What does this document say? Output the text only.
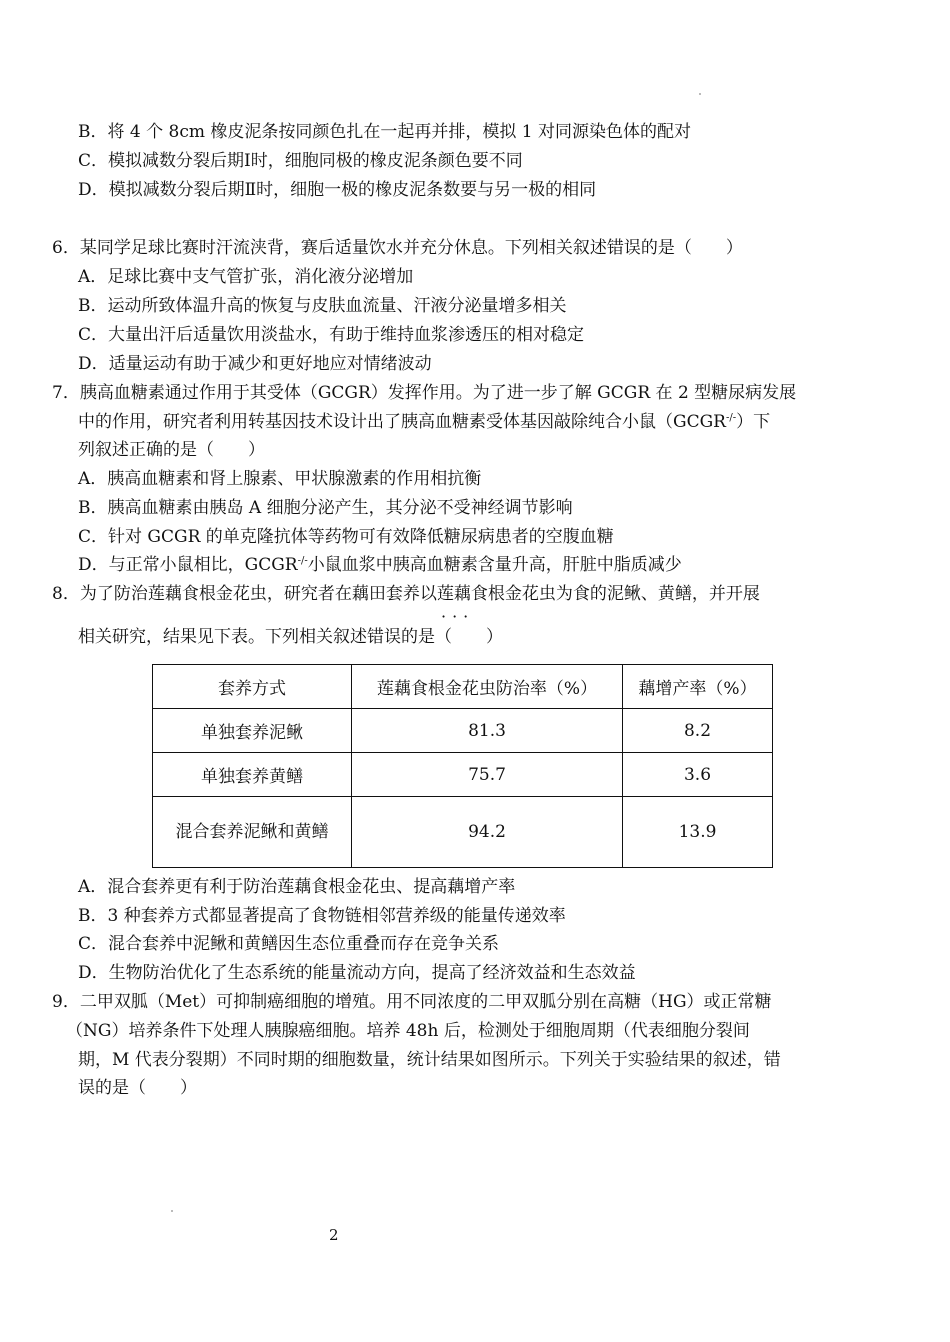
B．将 4 个 8cm 橡皮泥条按同颜色扎在一起再并排，模拟 1 对同源染色体的配对
C．模拟减数分裂后期Ⅰ时，细胞同极的橡皮泥条颜色要不同
D．模拟减数分裂后期Ⅱ时，细胞一极的橡皮泥条数要与另一极的相同
6．某同学足球比赛时汗流浃背，赛后适量饮水并充分休息。下列相关叙述错误的是（　　）
A．足球比赛中支气管扩张，消化液分泌增加
B．运动所致体温升高的恢复与皮肤血流量、汗液分泌量增多相关
C．大量出汗后适量饮用淡盐水，有助于维持血浆渗透压的相对稳定
D．适量运动有助于减少和更好地应对情绪波动
7．胰高血糖素通过作用于其受体（GCGR）发挥作用。为了进一步了解 GCGR 在 2 型糖尿病发展
中的作用，研究者利用转基因技术设计出了胰高血糖素受体基因敲除纯合小鼠（GCGR-/-）下
列叙述正确的是（　　）
A．胰高血糖素和肾上腺素、甲状腺激素的作用相抗衡
B．胰高血糖素由胰岛 A 细胞分泌产生，其分泌不受神经调节影响
C．针对 GCGR 的单克隆抗体等药物可有效降低糖尿病患者的空腹血糖
D．与正常小鼠相比，GCGR-/-小鼠血浆中胰高血糖素含量升高，肝脏中脂质减少
8．为了防治莲藕食根金花虫，研究者在藕田套养以莲藕食根金花虫为食的泥鳅、黄鳝，并开展
···
相关研究，结果见下表。下列相关叙述错误的是（　　）
套养方式	莲藕食根金花虫防治率（%）	藕增产率（%）
单独套养泥鳅	81.3	8.2
单独套养黄鳝	75.7	3.6
混合套养泥鳅和黄鳝	94.2	13.9
A．混合套养更有利于防治莲藕食根金花虫、提高藕增产率
B．3 种套养方式都显著提高了食物链相邻营养级的能量传递效率
C．混合套养中泥鳅和黄鳝因生态位重叠而存在竞争关系
D．生物防治优化了生态系统的能量流动方向，提高了经济效益和生态效益
9．二甲双胍（Met）可抑制癌细胞的增殖。用不同浓度的二甲双胍分别在高糖（HG）或正常糖
（NG）培养条件下处理人胰腺癌细胞。培养 48h 后，检测处于细胞周期（代表细胞分裂间
期，M 代表分裂期）不同时期的细胞数量，统计结果如图所示。下列关于实验结果的叙述，错
误的是（　　）
2
